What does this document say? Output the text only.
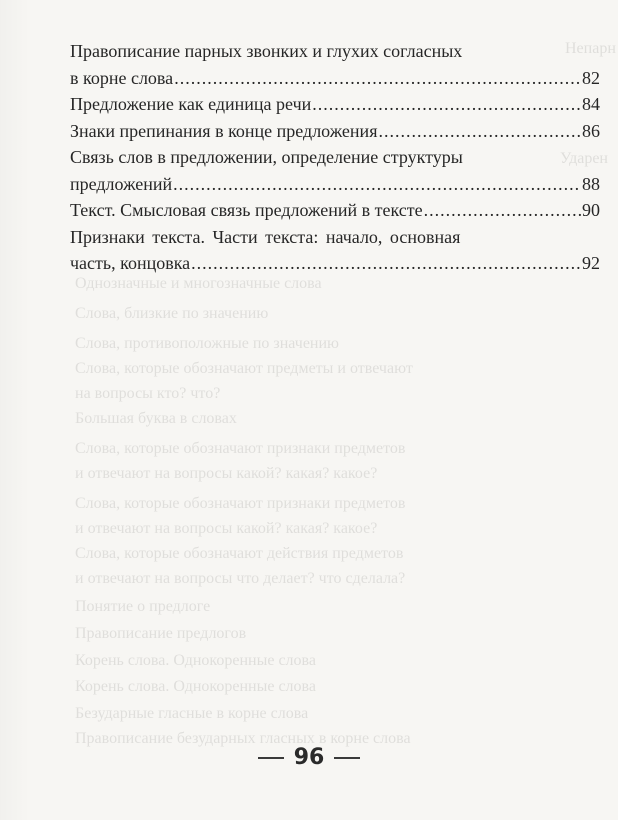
Непарн
Ударен
Однозначные и многозначные слова
Слова, близкие по значению
Слова, противоположные по значению
Слова, которые обозначают предметы и отвечают
на вопросы кто? что?
Большая буква в словах
Слова, которые обозначают признаки предметов
и отвечают на вопросы какой? какая? какое?
Слова, которые обозначают признаки предметов
и отвечают на вопросы какой? какая? какое?
Слова, которые обозначают действия предметов
и отвечают на вопросы что делает? что сделала?
Понятие о предлоге
Правописание предлогов
Корень слова. Однокоренные слова
Корень слова. Однокоренные слова
Безударные гласные в корне слова
Правописание безударных гласных в корне слова
Правописание парных звонких и глухих согласных
в корне слова .....	82
Предложение как единица речи .....	84
Знаки препинания в конце предложения .....	86
Связь слов в предложении, определение структуры
предложений .....	88
Текст. Смысловая связь предложений в тексте .....	90
Признаки текста. Части текста: начало, основная
часть, концовка .....	92
96
